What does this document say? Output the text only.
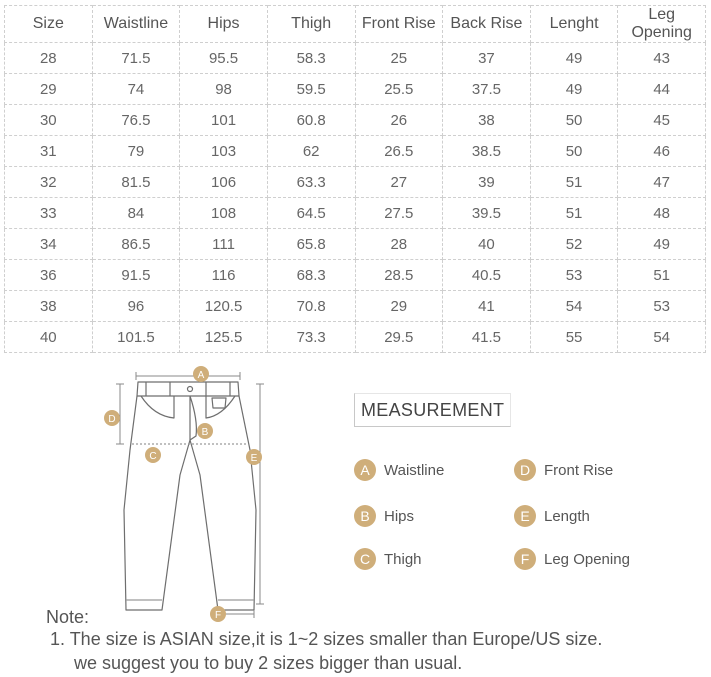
Size	Waistline	Hips	Thigh	Front Rise	Back Rise	Lenght	Leg Opening
28	71.5	95.5	58.3	25	37	49	43
29	74	98	59.5	25.5	37.5	49	44
30	76.5	101	60.8	26	38	50	45
31	79	103	62	26.5	38.5	50	46
32	81.5	106	63.3	27	39	51	47
33	84	108	64.5	27.5	39.5	51	48
34	86.5	111	65.8	28	40	52	49
36	91.5	116	68.3	28.5	40.5	53	51
38	96	120.5	70.8	29	41	54	53
40	101.5	125.5	73.3	29.5	41.5	55	54
A
B
C
D
E
F
MEASUREMENT
A Waistline
B Hips
C Thigh
D Front Rise
E Length
F Leg Opening
Note:
1. The size is ASIAN size,it is 1~2 sizes smaller than Europe/US size.
we suggest you to buy 2 sizes bigger than usual.
